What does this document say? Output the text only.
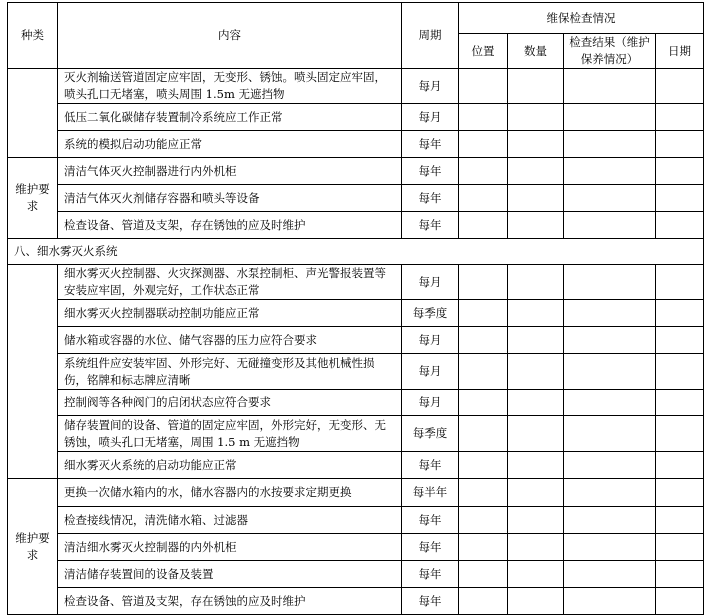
种类	内容	周期	维保检查情况			
			位置	数量	检查结果（维护保养情况）	日期
	灭火剂输送管道固定应牢固，无变形、锈蚀。喷头固定应牢固，喷头孔口无堵塞，喷头周围 1.5m 无遮挡物	每月				
	低压二氧化碳储存装置制冷系统应工作正常	每月				
	系统的模拟启动功能应正常	每年				
维护要求	清洁气体灭火控制器进行内外机柜	每年				
	清洁气体灭火剂储存容器和喷头等设备	每年				
	检查设备、管道及支架，存在锈蚀的应及时维护	每年				
八、细水雾灭火系统						
	细水雾灭火控制器、火灾探测器、水泵控制柜、声光警报装置等安装应牢固，外观完好，工作状态正常	每月				
	细水雾灭火控制器联动控制功能应正常	每季度				
	储水箱或容器的水位、储气容器的压力应符合要求	每月				
	系统组件应安装牢固、外形完好、无碰撞变形及其他机械性损伤，铭牌和标志牌应清晰	每月				
	控制阀等各种阀门的启闭状态应符合要求	每月				
	储存装置间的设备、管道的固定应牢固，外形完好，无变形、无锈蚀，喷头孔口无堵塞，周围 1.5 m 无遮挡物	每季度				
	细水雾灭火系统的启动功能应正常	每年				
维护要求	更换一次储水箱内的水，储水容器内的水按要求定期更换	每半年				
	检查接线情况，清洗储水箱、过滤器	每年				
	清洁细水雾灭火控制器的内外机柜	每年				
	清洁储存装置间的设备及装置	每年				
	检查设备、管道及支架，存在锈蚀的应及时维护	每年				
